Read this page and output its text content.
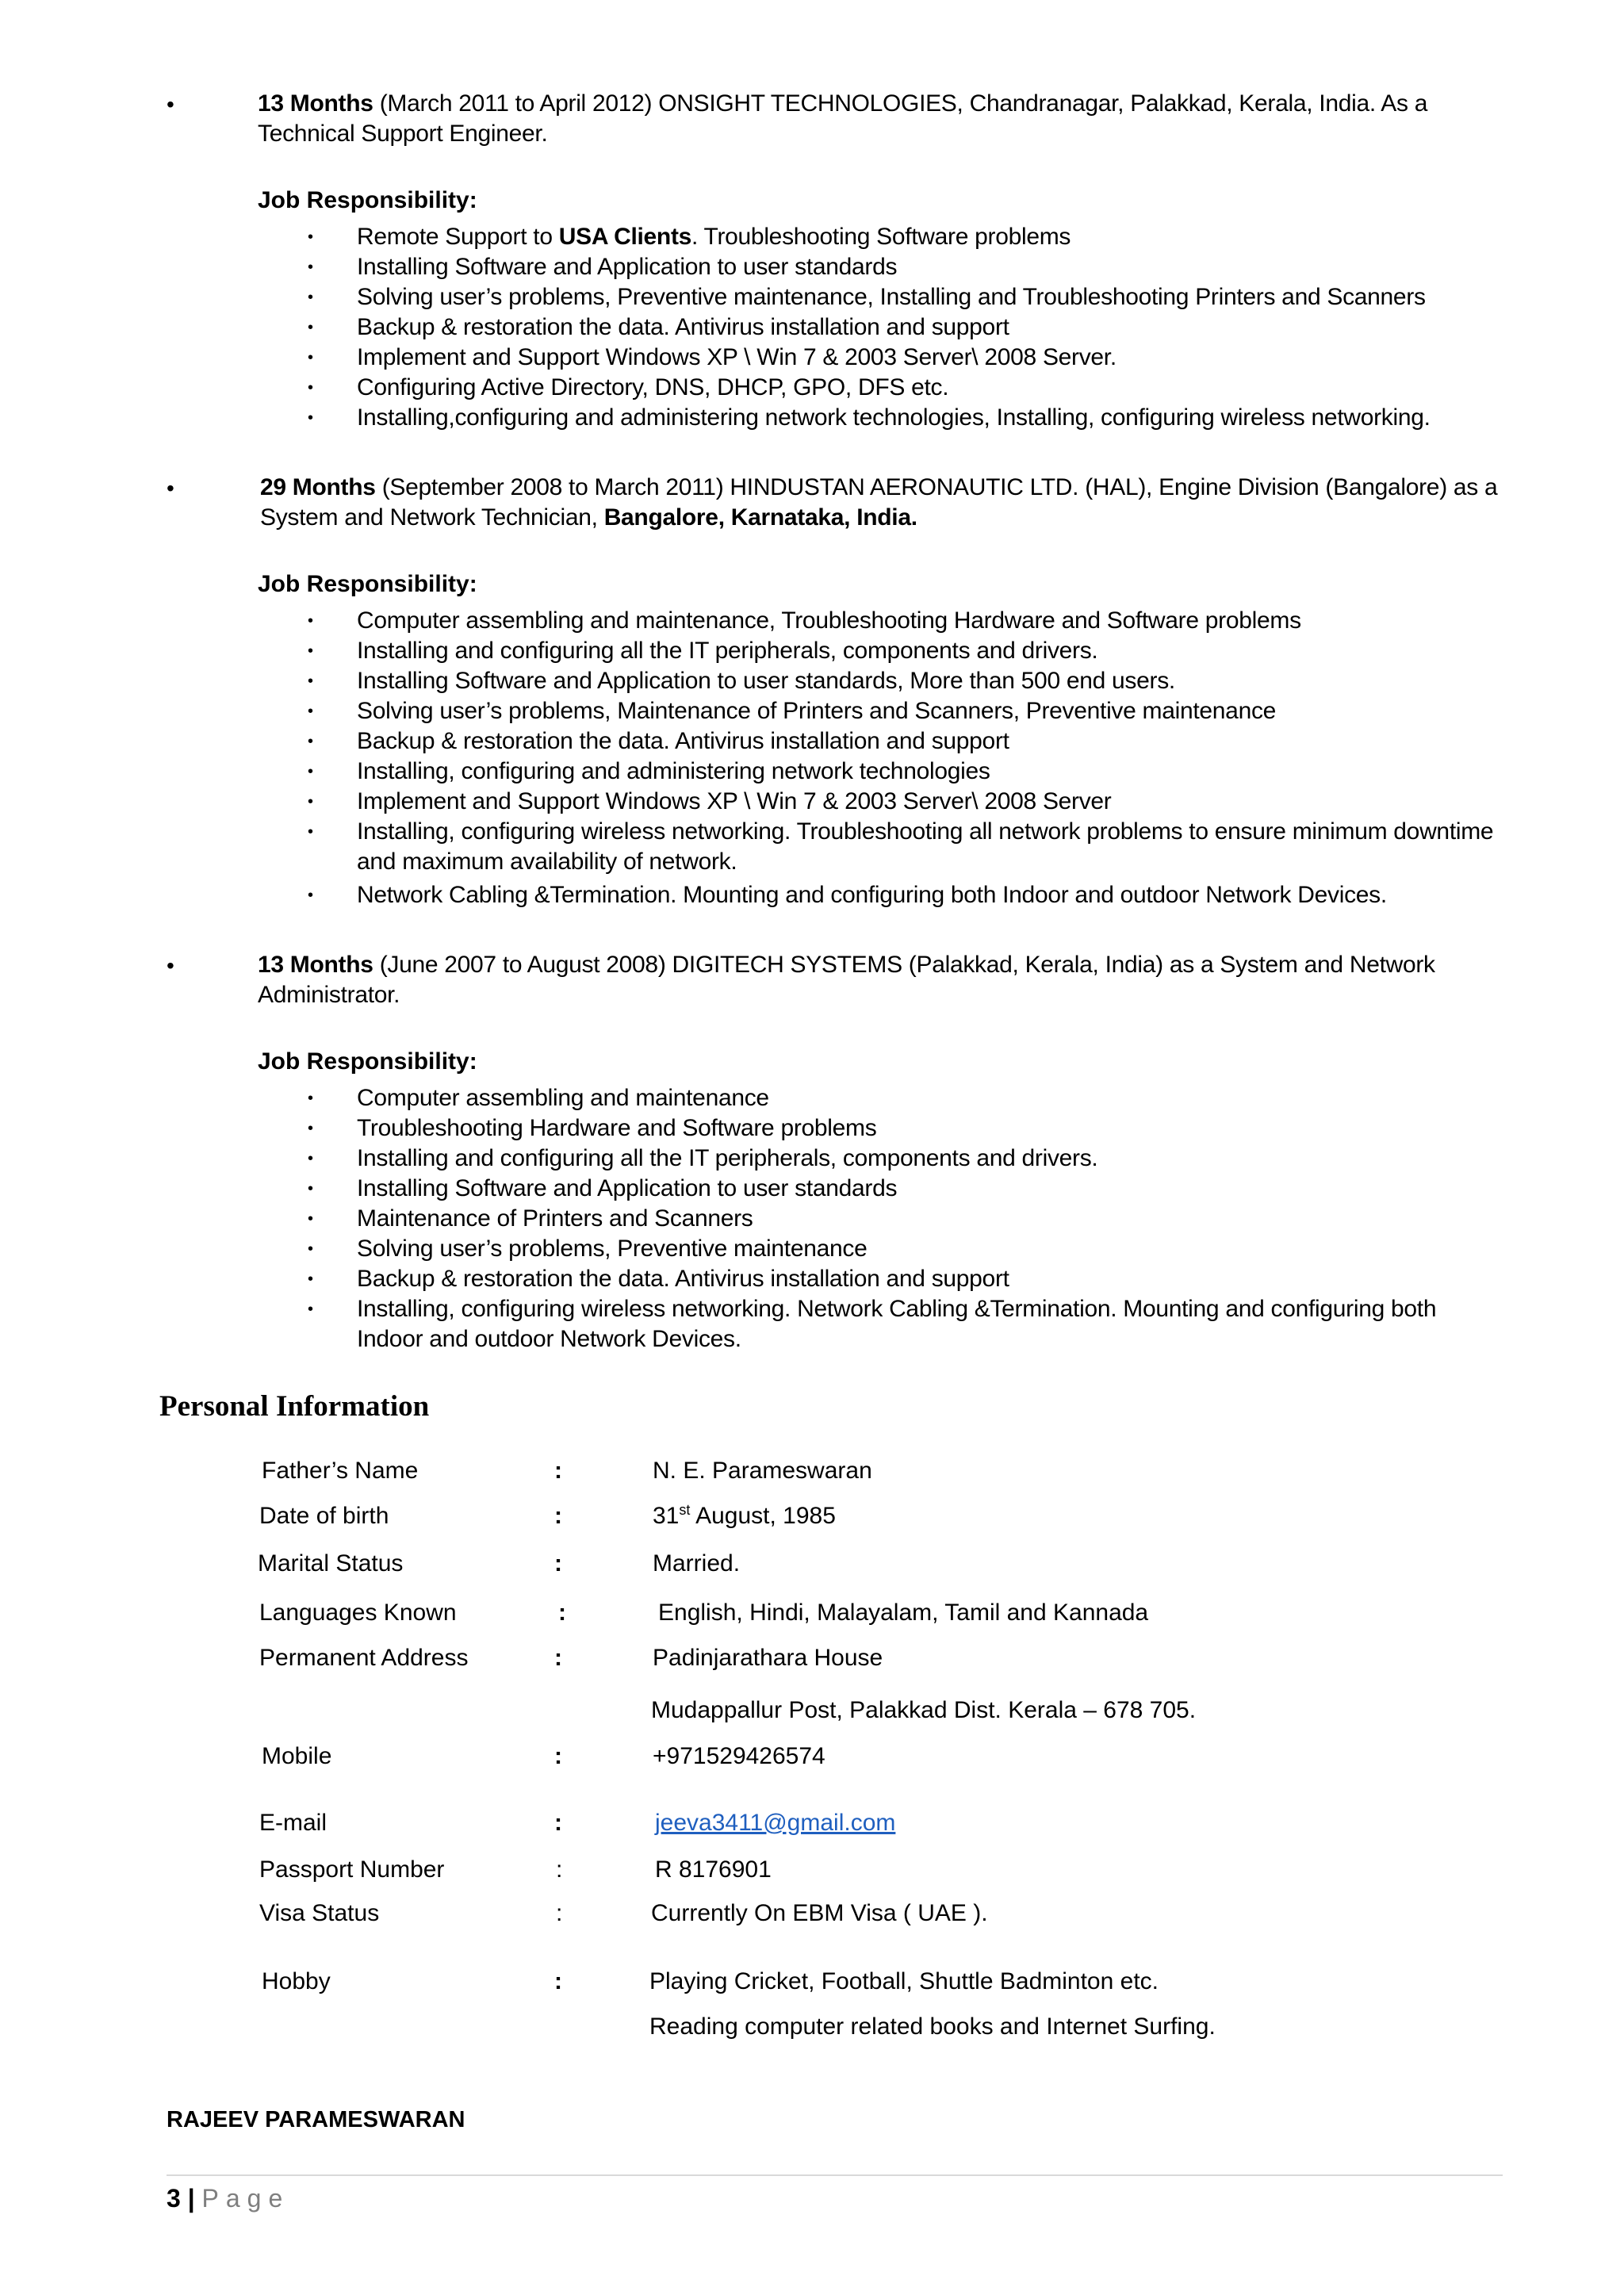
•	13 Months (March 2011 to April 2012) ONSIGHT TECHNOLOGIES, Chandranagar, Palakkad, Kerala, India. As a Technical Support Engineer.
Job Responsibility:
• Remote Support to USA Clients. Troubleshooting Software problems
• Installing Software and Application to user standards
• Solving user’s problems, Preventive maintenance, Installing and Troubleshooting Printers and Scanners
• Backup & restoration the data. Antivirus installation and support
• Implement and Support Windows XP \ Win 7 & 2003 Server\ 2008 Server.
• Configuring Active Directory, DNS, DHCP, GPO, DFS etc.
• Installing,configuring and administering network technologies, Installing, configuring wireless networking.
•	29 Months (September 2008 to March 2011) HINDUSTAN AERONAUTIC LTD. (HAL), Engine Division (Bangalore) as a System and Network Technician, Bangalore, Karnataka, India.
Job Responsibility:
• Computer assembling and maintenance, Troubleshooting Hardware and Software problems
• Installing and configuring all the IT peripherals, components and drivers.
• Installing Software and Application to user standards, More than 500 end users.
• Solving user’s problems, Maintenance of Printers and Scanners, Preventive maintenance
• Backup & restoration the data. Antivirus installation and support
• Installing, configuring and administering network technologies
• Implement and Support Windows XP \ Win 7 & 2003 Server\ 2008 Server
• Installing, configuring wireless networking. Troubleshooting all network problems to ensure minimum downtime and maximum availability of network.
• Network Cabling &Termination. Mounting and configuring both Indoor and outdoor Network Devices.
•	13 Months (June 2007 to August 2008) DIGITECH SYSTEMS (Palakkad, Kerala, India) as a System and Network Administrator.
Job Responsibility:
• Computer assembling and maintenance
• Troubleshooting Hardware and Software problems
• Installing and configuring all the IT peripherals, components and drivers.
• Installing Software and Application to user standards
• Maintenance of Printers and Scanners
• Solving user’s problems, Preventive maintenance
• Backup & restoration the data. Antivirus installation and support
• Installing, configuring wireless networking. Network Cabling &Termination. Mounting and configuring both Indoor and outdoor Network Devices.
Personal Information
Father’s Name	:	N. E. Parameswaran
Date of birth	:	31st August, 1985
Marital Status	:	Married.
Languages Known	:	English, Hindi, Malayalam, Tamil and Kannada
Permanent Address	:	Padinjarathara House
Mudappallur Post, Palakkad Dist. Kerala – 678 705.
Mobile	:	+971529426574
E-mail	:	jeeva3411@gmail.com
Passport Number	:	R 8176901
Visa Status	:	Currently On EBM Visa ( UAE ).
Hobby	:	Playing Cricket, Football, Shuttle Badminton etc.
Reading computer related books and Internet Surfing.
RAJEEV PARAMESWARAN
3 | Page
